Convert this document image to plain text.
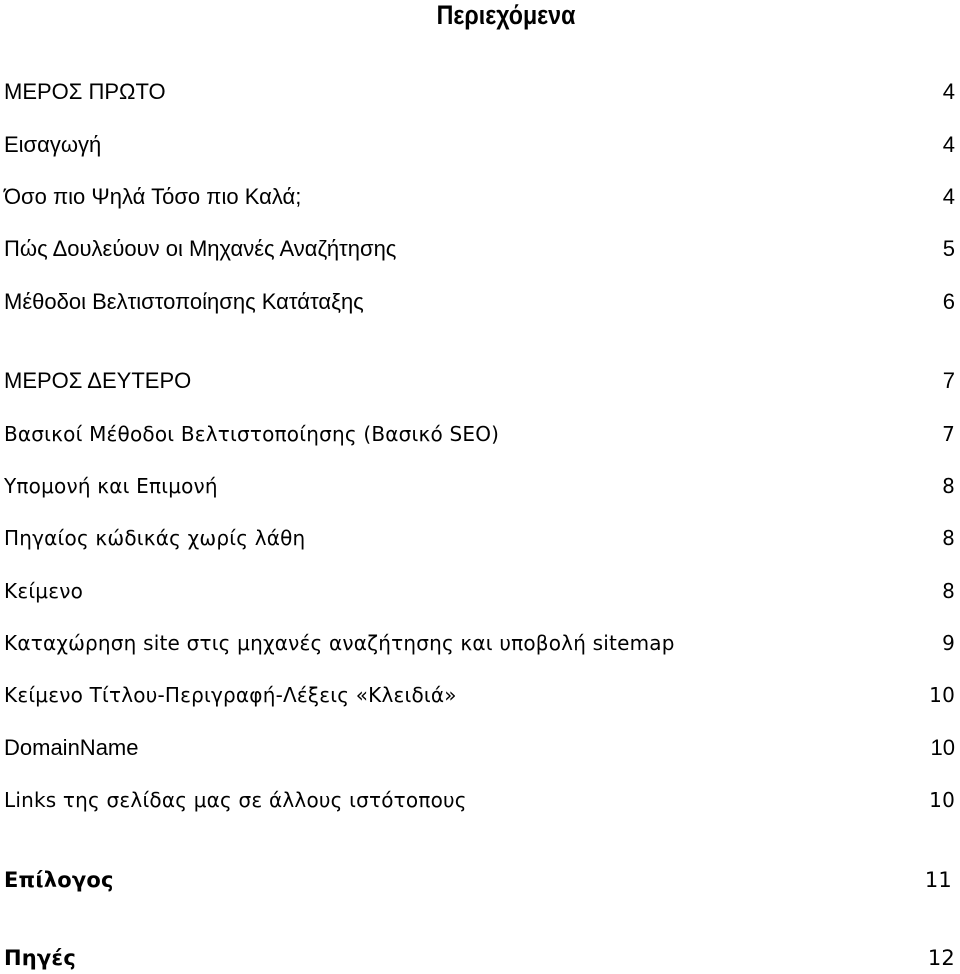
Περιεχόμενα
ΜΕΡΟΣ ΠΡΩΤΟ	4
Εισαγωγή	4
Όσο πιο Ψηλά Τόσο πιο Καλά;	4
Πώς Δουλεύουν οι Μηχανές Αναζήτησης	5
Μέθοδοι Βελτιστοποίησης Κατάταξης	6
ΜΕΡΟΣ ΔΕΥΤΕΡΟ	7
Βασικοί Μέθοδοι Βελτιστοποίησης (Βασικό SEO)	7
Υπομονή και Επιμονή	8
Πηγαίος κώδικάς χωρίς λάθη	8
Κείμενο	8
Καταχώρηση site στις μηχανές αναζήτησης και υποβολή sitemap	9
Κείμενο Τίτλου-Περιγραφή-Λέξεις «Κλειδιά»	10
DomainName	10
Links της σελίδας μας σε άλλους ιστότοπους	10
Επίλογος	11
Πηγές	12
